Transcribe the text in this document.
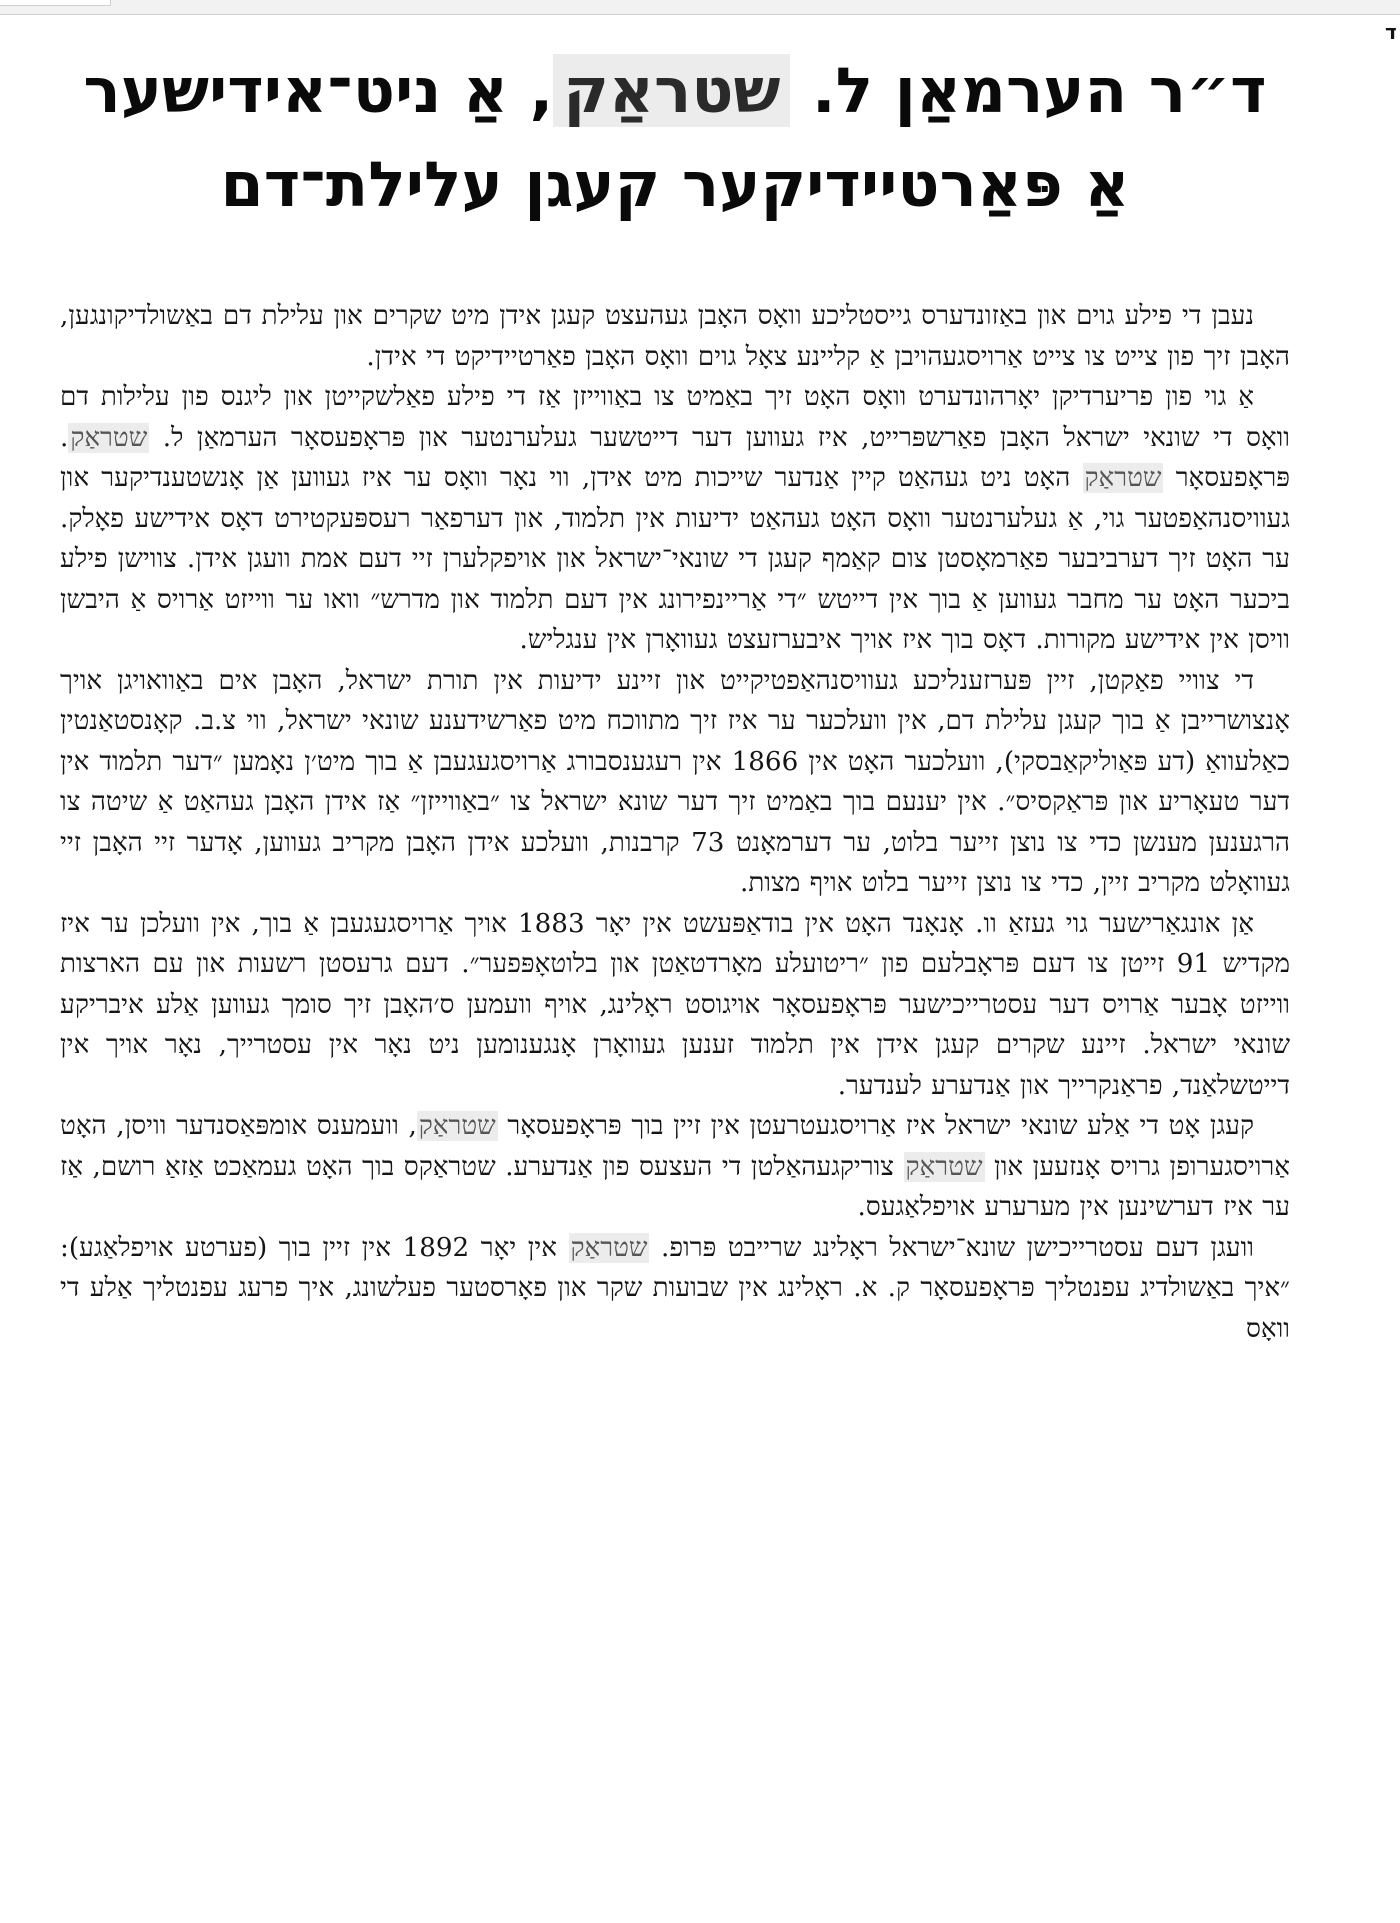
ד
ד״ר הערמאַן ל. שטראַק, אַ ניט־אידישער
אַ פּאַרטיידיקער קעגן עלילת־דם

נעבן די פילע גוים און באַזונדערס גייסטליכע וואָס האָבן געהעצט קעגן אידן מיט שקרים און עלילת דם באַשולדיקונגען, האָבן זיך פון צייט צו צייט אַרויסגעהויבן אַ קליינע צאָל גוים וואָס האָבן פאַרטיידיקט די אידן.

אַ גוי פון פריערדיקן יאָרהונדערט וואָס האָט זיך באַמיט צו באַווייזן אַז די פילע פאַלשקייטן און ליגנס פון עלילות דם וואָס די שונאי ישראל האָבן פאַרשפּרייט, איז געווען דער דייטשער געלערנטער און פּראָפעסאָר הערמאַן ל. שטראַק. פּראָפעסאָר שטראַק האָט ניט געהאַט קיין אַנדער שייכות מיט אידן, ווי נאָר וואָס ער איז געווען אַן אָנשטענדיקער און געוויסנהאַפטער גוי, אַ געלערנטער וואָס האָט געהאַט ידיעות אין תלמוד, און דערפאַר רעספּעקטירט דאָס אידישע פאָלק. ער האָט זיך דערביבער פאַרמאָסטן צום קאַמף קעגן די שונאי־ישראל און אויפקלערן זיי דעם אמת וועגן אידן. צווישן פילע ביכער האָט ער מחבר געווען אַ בוך אין דייטש ״די אַריינפירונג אין דעם תלמוד און מדרש״ וואו ער ווייזט אַרויס אַ היבשן וויסן אין אידישע מקורות. דאָס בוך איז אויך איבערזעצט געוואָרן אין ענגליש.

די צוויי פאַקטן, זיין פּערזענליכע געוויסנהאַפטיקייט און זיינע ידיעות אין תורת ישראל, האָבן אים באַוואויגן אויך אָנצושרייבן אַ בוך קעגן עלילת דם, אין וועלכער ער איז זיך מתווכח מיט פאַרשידענע שונאי ישראל, ווי צ.ב. קאָנסטאַנטין כאַלעוואַ (דע פּאַוליקאַבסקי), וועלכער האָט אין 1866 אין רעגענסבורג אַרויסגעגעבן אַ בוך מיט׳ן נאָמען ״דער תלמוד אין דער טעאָריע און פּראַקסיס״. אין יענעם בוך באַמיט זיך דער שונא ישראל צו ״באַווייזן״ אַז אידן האָבן געהאַט אַ שיטה צו הרגענען מענשן כדי צו נוצן זייער בלוט, ער דערמאָנט 73 קרבנות, וועלכע אידן האָבן מקריב געווען, אָדער זיי האָבן זיי געוואָלט מקריב זיין, כדי צו נוצן זייער בלוט אויף מצות.

אַן אונגאַרישער גוי געזאַ וו. אָנאָנד האָט אין בודאַפּעשט אין יאָר 1883 אויך אַרויסגעגעבן אַ בוך, אין וועלכן ער איז מקדיש 91 זייטן צו דעם פּראָבלעם פון ״ריטועלע מאָרדטאַטן און בלוטאָפּפער״. דעם גרעסטן רשעות און עם הארצות ווייזט אָבער אַרויס דער עסטרייכישער פּראָפעסאָר אויגוסט ראָלינג, אויף וועמען ס׳האָבן זיך סומך געווען אַלע איבריקע שונאי ישראל. זיינע שקרים קעגן אידן אין תלמוד זענען געוואָרן אָנגענומען ניט נאָר אין עסטרייך, נאָר אויך אין דייטשלאַנד, פראַנקרייך און אַנדערע לענדער.

קעגן אָט די אַלע שונאי ישראל איז אַרויסגעטרעטן אין זיין בוך פּראָפעסאָר שטראַק, וועמענס אומפּאַסנדער וויסן, האָט אַרויסגערופן גרויס אָנזעען און שטראַק צוריקגעהאַלטן די העצעס פון אַנדערע. שטראַקס בוך האָט געמאַכט אַזאַ רושם, אַז ער איז דערשינען אין מערערע אויפלאַגעס.

וועגן דעם עסטרייכישן שונא־ישראל ראָלינג שרייבט פּרופ. שטראַק אין יאָר 1892 אין זיין בוך (פערטע אויפלאַגע): ״איך באַשולדיג עפנטליך פּראָפעסאָר ק. א. ראָלינג אין שבועות שקר און פאָרסטער פעלשונג, איך פרעג עפנטליך אַלע די וואָס
